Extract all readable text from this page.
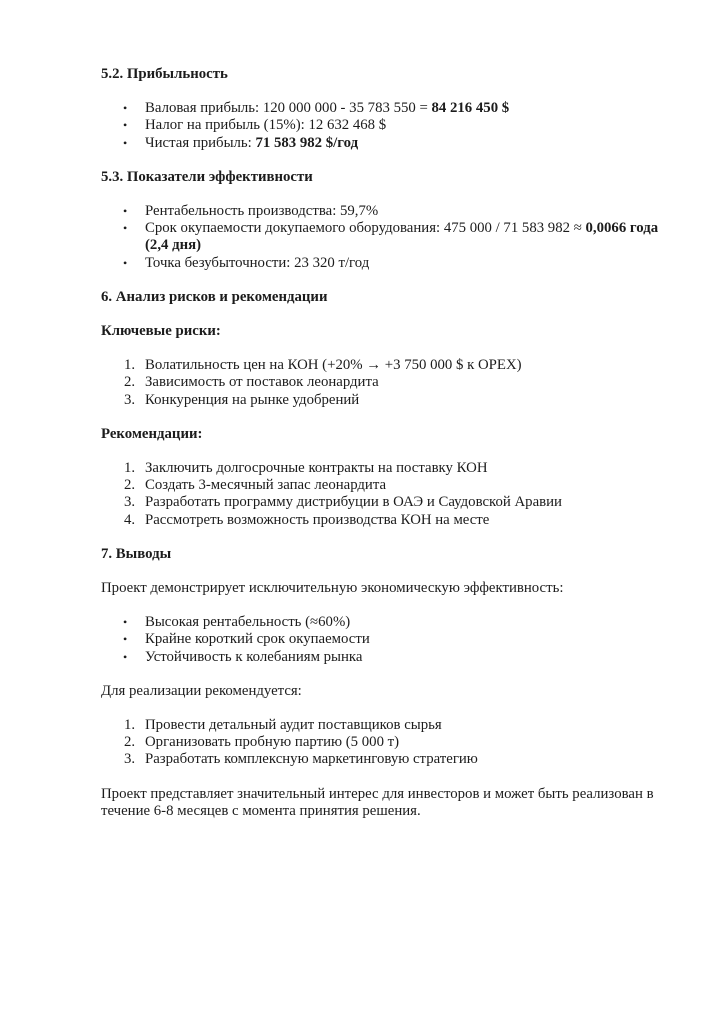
5.2. Прибыльность
• Валовая прибыль: 120 000 000 - 35 783 550 = 84 216 450 $
• Налог на прибыль (15%): 12 632 468 $
• Чистая прибыль: 71 583 982 $/год
5.3. Показатели эффективности
• Рентабельность производства: 59,7%
• Срок окупаемости докупаемого оборудования: 475 000 / 71 583 982 ≈ 0,0066 года
(2,4 дня)
• Точка безубыточности: 23 320 т/год
6. Анализ рисков и рекомендации
Ключевые риски:
1. Волатильность цен на КОН (+20% → +3 750 000 $ к OPEX)
2. Зависимость от поставок леонардита
3. Конкуренция на рынке удобрений
Рекомендации:
1. Заключить долгосрочные контракты на поставку КОН
2. Создать 3-месячный запас леонардита
3. Разработать программу дистрибуции в ОАЭ и Саудовской Аравии
4. Рассмотреть возможность производства КОН на месте
7. Выводы

Проект демонстрирует исключительную экономическую эффективность:

• Высокая рентабельность (≈60%)
• Крайне короткий срок окупаемости
• Устойчивость к колебаниям рынка

Для реализации рекомендуется:

1. Провести детальный аудит поставщиков сырья
2. Организовать пробную партию (5 000 т)
3. Разработать комплексную маркетинговую стратегию

Проект представляет значительный интерес для инвесторов и может быть реализован в
течение 6-8 месяцев с момента принятия решения.
